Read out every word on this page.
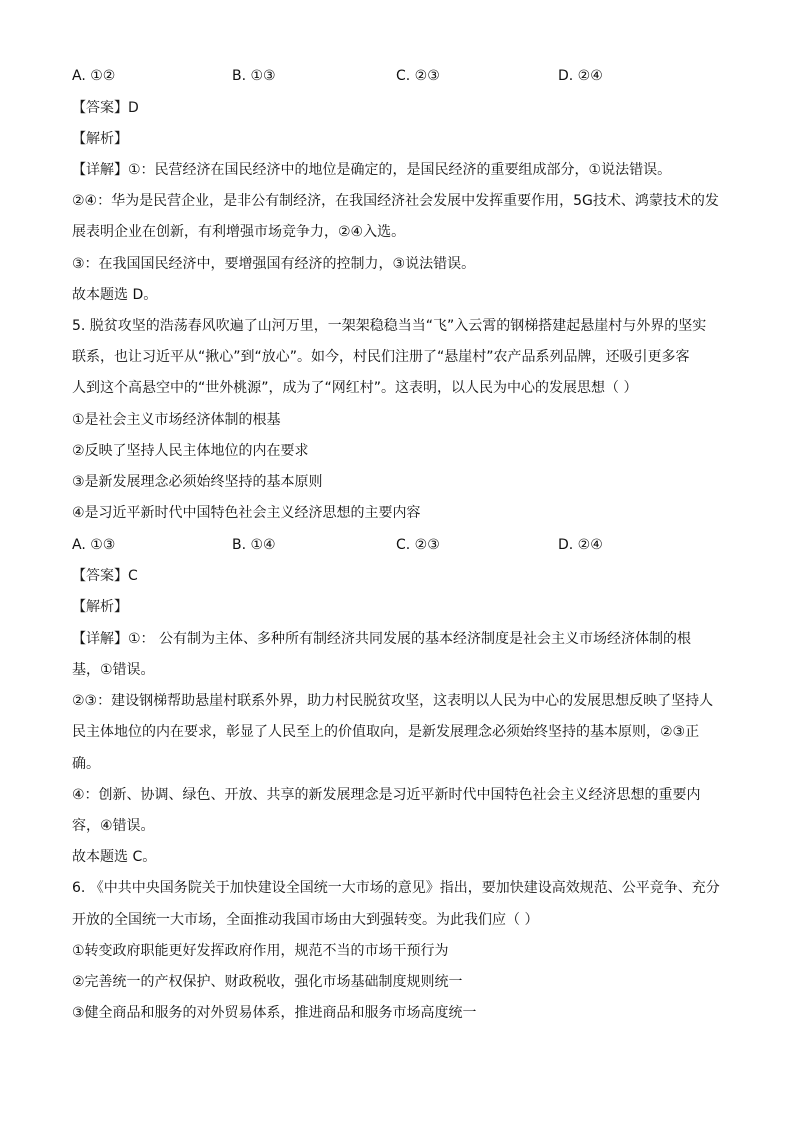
A. ①②	B. ①③	C. ②③	D. ②④
【答案】D
【解析】
【详解】①：民营经济在国民经济中的地位是确定的，是国民经济的重要组成部分，①说法错误。
②④：华为是民营企业，是非公有制经济，在我国经济社会发展中发挥重要作用，5G技术、鸿蒙技术的发
展表明企业在创新，有利增强市场竞争力，②④入选。
③：在我国国民经济中，要增强国有经济的控制力，③说法错误。
故本题选 D。
5. 脱贫攻坚的浩荡春风吹遍了山河万里，一架架稳稳当当“飞”入云霄的钢梯搭建起悬崖村与外界的坚实
联系，也让习近平从“揪心”到“放心”。如今，村民们注册了“悬崖村”农产品系列品牌，还吸引更多客
人到这个高悬空中的“世外桃源”，成为了“网红村”。这表明，以人民为中心的发展思想（ ）
①是社会主义市场经济体制的根基
②反映了坚持人民主体地位的内在要求
③是新发展理念必须始终坚持的基本原则
④是习近平新时代中国特色社会主义经济思想的主要内容
A. ①③	B. ①④	C. ②③	D. ②④
【答案】C
【解析】
【详解】①： 公有制为主体、多种所有制经济共同发展的基本经济制度是社会主义市场经济体制的根
基，①错误。
②③：建设钢梯帮助悬崖村联系外界，助力村民脱贫攻坚，这表明以人民为中心的发展思想反映了坚持人
民主体地位的内在要求，彰显了人民至上的价值取向，是新发展理念必须始终坚持的基本原则，②③正
确。
④：创新、协调、绿色、开放、共享的新发展理念是习近平新时代中国特色社会主义经济思想的重要内
容，④错误。
故本题选 C。
6. 《中共中央国务院关于加快建设全国统一大市场的意见》指出，要加快建设高效规范、公平竞争、充分
开放的全国统一大市场，全面推动我国市场由大到强转变。为此我们应（ ）
①转变政府职能更好发挥政府作用，规范不当的市场干预行为
②完善统一的产权保护、财政税收，强化市场基础制度规则统一
③健全商品和服务的对外贸易体系，推进商品和服务市场高度统一
